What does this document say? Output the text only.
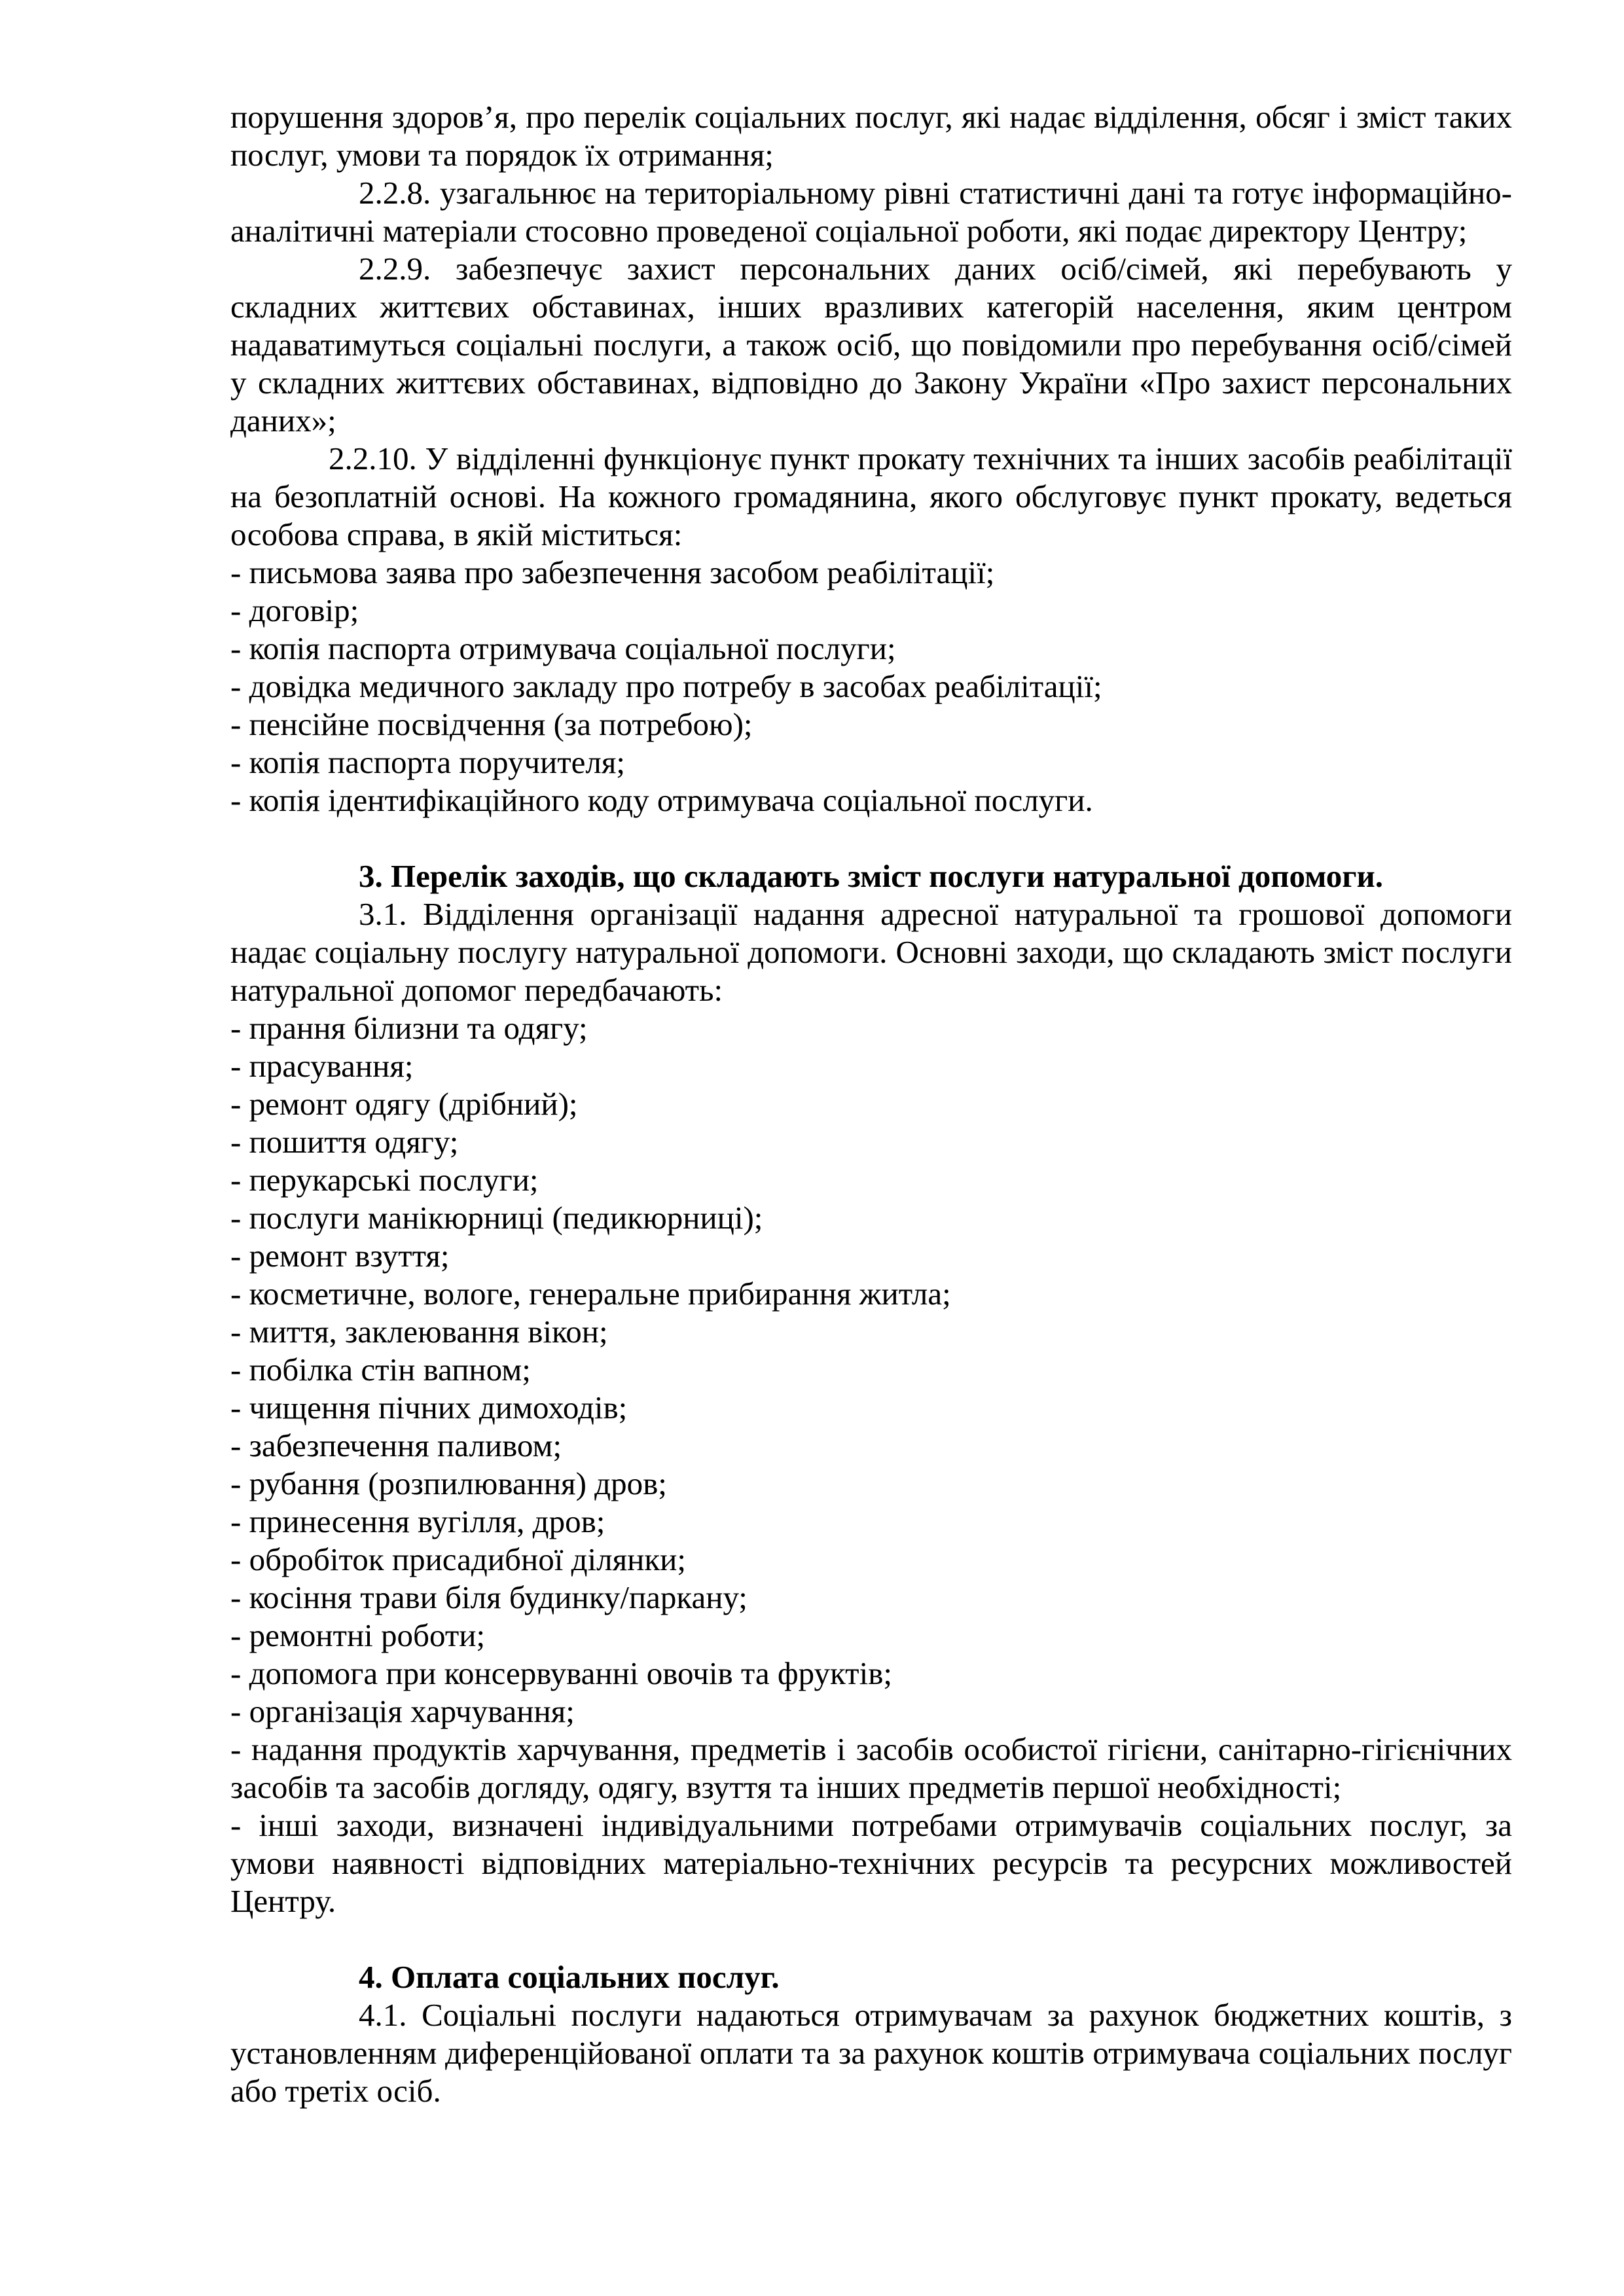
порушення здоров’я, про перелік соціальних послуг, які надає відділення, обсяг і зміст таких послуг, умови та порядок їх отримання;

2.2.8. узагальнює на територіальному рівні статистичні дані та готує інформаційно-аналітичні матеріали стосовно проведеної соціальної роботи, які подає директору Центру;

2.2.9. забезпечує захист персональних даних осіб/сімей, які перебувають у складних життєвих обставинах, інших вразливих категорій населення, яким центром надаватимуться соціальні послуги, а також осіб, що повідомили про перебування осіб/сімей у складних життєвих обставинах, відповідно до Закону України «Про захист персональних даних»;

2.2.10. У відділенні функціонує пункт прокату технічних та інших засобів реабілітації на безоплатній основі. На кожного громадянина, якого обслуговує пункт прокату, ведеться особова справа, в якій міститься:

- письмова заява про забезпечення засобом реабілітації;

- договір;

- копія паспорта отримувача соціальної послуги;

- довідка медичного закладу про потребу в засобах реабілітації;

- пенсійне посвідчення (за потребою);

- копія паспорта поручителя;

- копія ідентифікаційного коду отримувача соціальної послуги.

3. Перелік заходів, що складають зміст послуги натуральної допомоги.

3.1. Відділення організації надання адресної натуральної та грошової допомоги надає соціальну послугу натуральної допомоги. Основні заходи, що складають зміст послуги натуральної допомог передбачають:

- прання білизни та одягу;

- прасування;

- ремонт одягу (дрібний);

- пошиття одягу;

- перукарські послуги;

- послуги манікюрниці (педикюрниці);

- ремонт взуття;

- косметичне, вологе, генеральне прибирання житла;

- миття, заклеювання вікон;

- побілка стін вапном;

- чищення пічних димоходів;

- забезпечення паливом;

- рубання (розпилювання) дров;

- принесення вугілля, дров;

- обробіток присадибної ділянки;

- косіння трави біля будинку/паркану;

- ремонтні роботи;

- допомога при консервуванні овочів та фруктів;

- організація харчування;

- надання продуктів харчування, предметів і засобів особистої гігієни, санітарно-гігієнічних засобів та засобів догляду, одягу, взуття та інших предметів першої необхідності;

- інші заходи, визначені індивідуальними потребами отримувачів соціальних послуг, за умови наявності відповідних матеріально-технічних ресурсів та ресурсних можливостей Центру.

4. Оплата соціальних послуг.

4.1. Соціальні послуги надаються отримувачам за рахунок бюджетних коштів, з установленням диференційованої оплати та за рахунок коштів отримувача соціальних послуг або третіх осіб.
